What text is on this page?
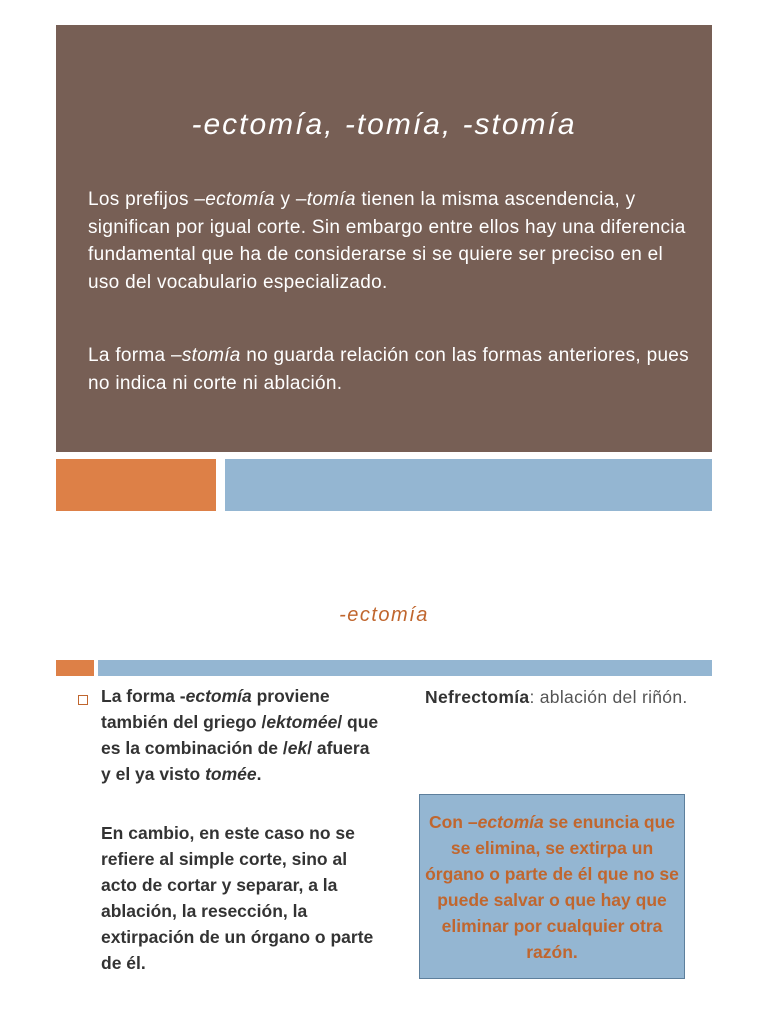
-ectomía, -tomía, -stomía
Los prefijos –ectomía y –tomía tienen la misma ascendencia, y significan por igual corte. Sin embargo entre ellos hay una diferencia fundamental que ha de considerarse si se quiere ser preciso en el uso del vocabulario especializado.
La forma –stomía no guarda relación con las formas anteriores, pues no indica ni corte ni ablación.
-ectomía
La forma -ectomía proviene también del griego /ektomée/ que es la combinación de /ek/ afuera y el ya visto tomée.
En cambio, en este caso no se refiere al simple corte, sino al acto de cortar y separar, a la ablación, la resección, la extirpación de un órgano o parte de él.
Nefrectomía: ablación del riñón.
Con –ectomía se enuncia que se elimina, se extirpa un órgano o parte de él que no se puede salvar o que hay que eliminar por cualquier otra razón.
